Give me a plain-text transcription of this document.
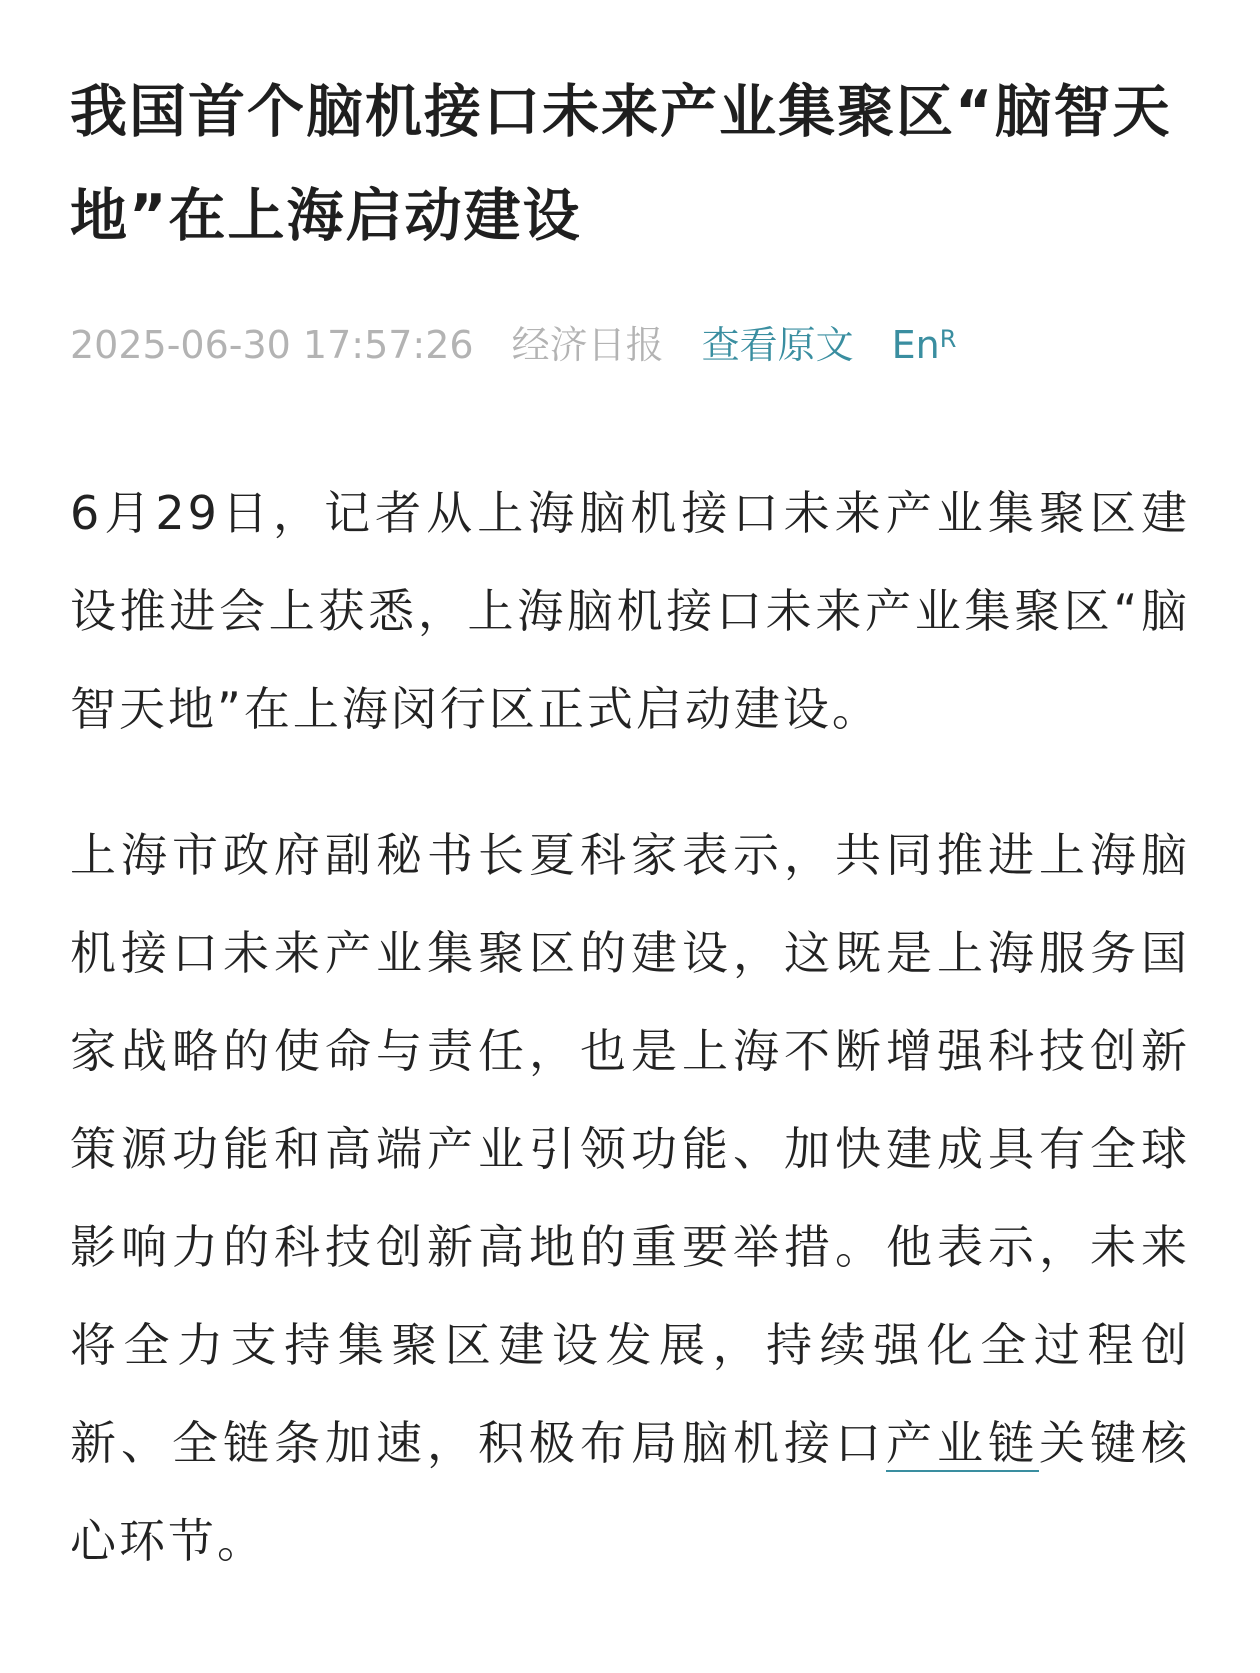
我国首个脑机接口未来产业集聚区“脑智天地”在上海启动建设
2025-06-30 17:57:26 经济日报 查看原文 $En^R$

6月29日，记者从上海脑机接口未来产业集聚区建设推进会上获悉，上海脑机接口未来产业集聚区“脑智天地”在上海闵行区正式启动建设。

上海市政府副秘书长夏科家表示，共同推进上海脑机接口未来产业集聚区的建设，这既是上海服务国家战略的使命与责任，也是上海不断增强科技创新策源功能和高端产业引领功能、加快建成具有全球影响力的科技创新高地的重要举措。他表示，未来将全力支持集聚区建设发展，持续强化全过程创新、全链条加速，积极布局脑机接口产业链关键核心环节。
